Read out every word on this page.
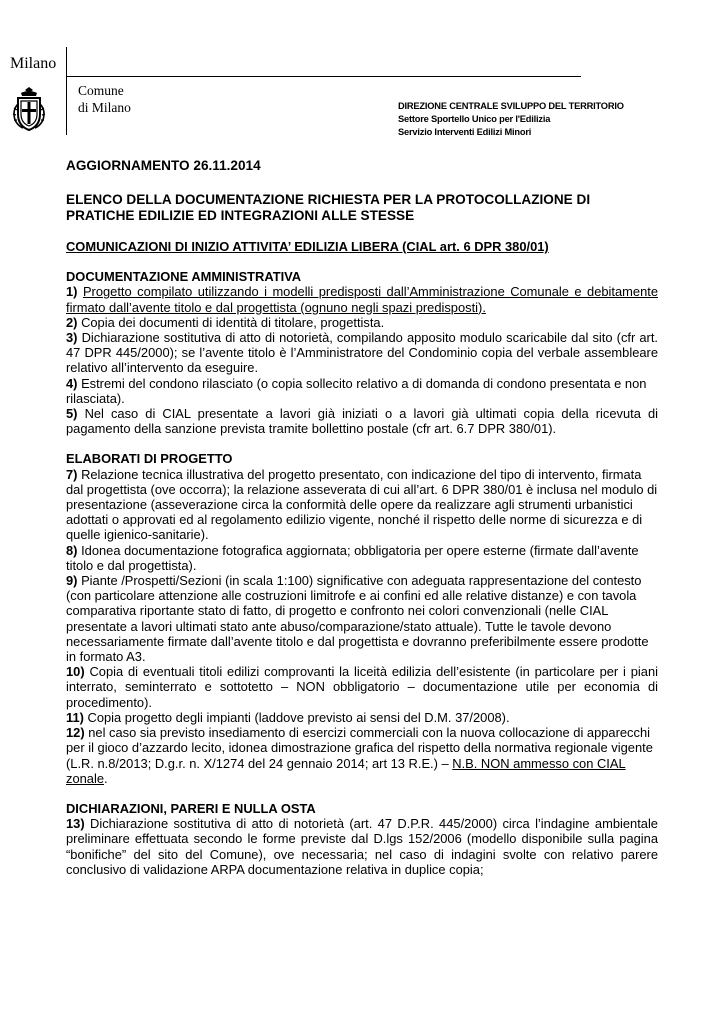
Milano
Comune
di Milano	DIREZIONE CENTRALE SVILUPPO DEL TERRITORIO
Settore Sportello Unico per l'Edilizia
Servizio Interventi Edilizi Minori

AGGIORNAMENTO 26.11.2014

ELENCO DELLA DOCUMENTAZIONE RICHIESTA PER LA PROTOCOLLAZIONE DI

PRATICHE EDILIZIE ED INTEGRAZIONI ALLE STESSE

COMUNICAZIONI DI INIZIO ATTIVITA’ EDILIZIA LIBERA (CIAL art. 6 DPR 380/01)

DOCUMENTAZIONE AMMINISTRATIVA

1) Progetto compilato utilizzando i modelli predisposti dall’Amministrazione Comunale e debitamente firmato dall’avente titolo e dal progettista (ognuno negli spazi predisposti).

2) Copia dei documenti di identità di titolare, progettista.

3) Dichiarazione sostitutiva di atto di notorietà, compilando apposito modulo scaricabile dal sito (cfr art. 47 DPR 445/2000); se l’avente titolo è l’Amministratore del Condominio copia del verbale assembleare relativo all’intervento da eseguire.

4) Estremi del condono rilasciato (o copia sollecito relativo a di domanda di condono presentata e non rilasciata).

5) Nel caso di CIAL presentate a lavori già iniziati o a lavori già ultimati copia della ricevuta di pagamento della sanzione prevista tramite bollettino postale (cfr art. 6.7 DPR 380/01).

ELABORATI DI PROGETTO

7) Relazione tecnica illustrativa del progetto presentato, con indicazione del tipo di intervento, firmata dal progettista (ove occorra); la relazione asseverata di cui all’art. 6 DPR 380/01 è inclusa nel modulo di presentazione (asseverazione circa la conformità delle opere da realizzare agli strumenti urbanistici adottati o approvati ed al regolamento edilizio vigente, nonché il rispetto delle norme di sicurezza e di quelle igienico-sanitarie).

8) Idonea documentazione fotografica aggiornata; obbligatoria per opere esterne (firmate dall’avente titolo e dal progettista).

9) Piante /Prospetti/Sezioni (in scala 1:100) significative con adeguata rappresentazione del contesto (con particolare attenzione alle costruzioni limitrofe e ai confini ed alle relative distanze) e con tavola comparativa riportante stato di fatto, di progetto e confronto nei colori convenzionali (nelle CIAL presentate a lavori ultimati stato ante abuso/comparazione/stato attuale). Tutte le tavole devono necessariamente firmate dall’avente titolo e dal progettista e dovranno preferibilmente essere prodotte in formato A3.

10) Copia di eventuali titoli edilizi comprovanti la liceità edilizia dell’esistente (in particolare per i piani interrato, seminterrato e sottotetto – NON obbligatorio – documentazione utile per economia di procedimento).

11) Copia progetto degli impianti (laddove previsto ai sensi del D.M. 37/2008).

12) nel caso sia previsto insediamento di esercizi commerciali con la nuova collocazione di apparecchi per il gioco d’azzardo lecito, idonea dimostrazione grafica del rispetto della normativa regionale vigente (L.R. n.8/2013; D.g.r. n. X/1274 del 24 gennaio 2014; art 13 R.E.) – N.B. NON ammesso con CIAL zonale.

DICHIARAZIONI, PARERI E NULLA OSTA

13) Dichiarazione sostitutiva di atto di notorietà (art. 47 D.P.R. 445/2000) circa l’indagine ambientale preliminare effettuata secondo le forme previste dal D.lgs 152/2006 (modello disponibile sulla pagina “bonifiche” del sito del Comune), ove necessaria; nel caso di indagini svolte con relativo parere conclusivo di validazione ARPA documentazione relativa in duplice copia;
